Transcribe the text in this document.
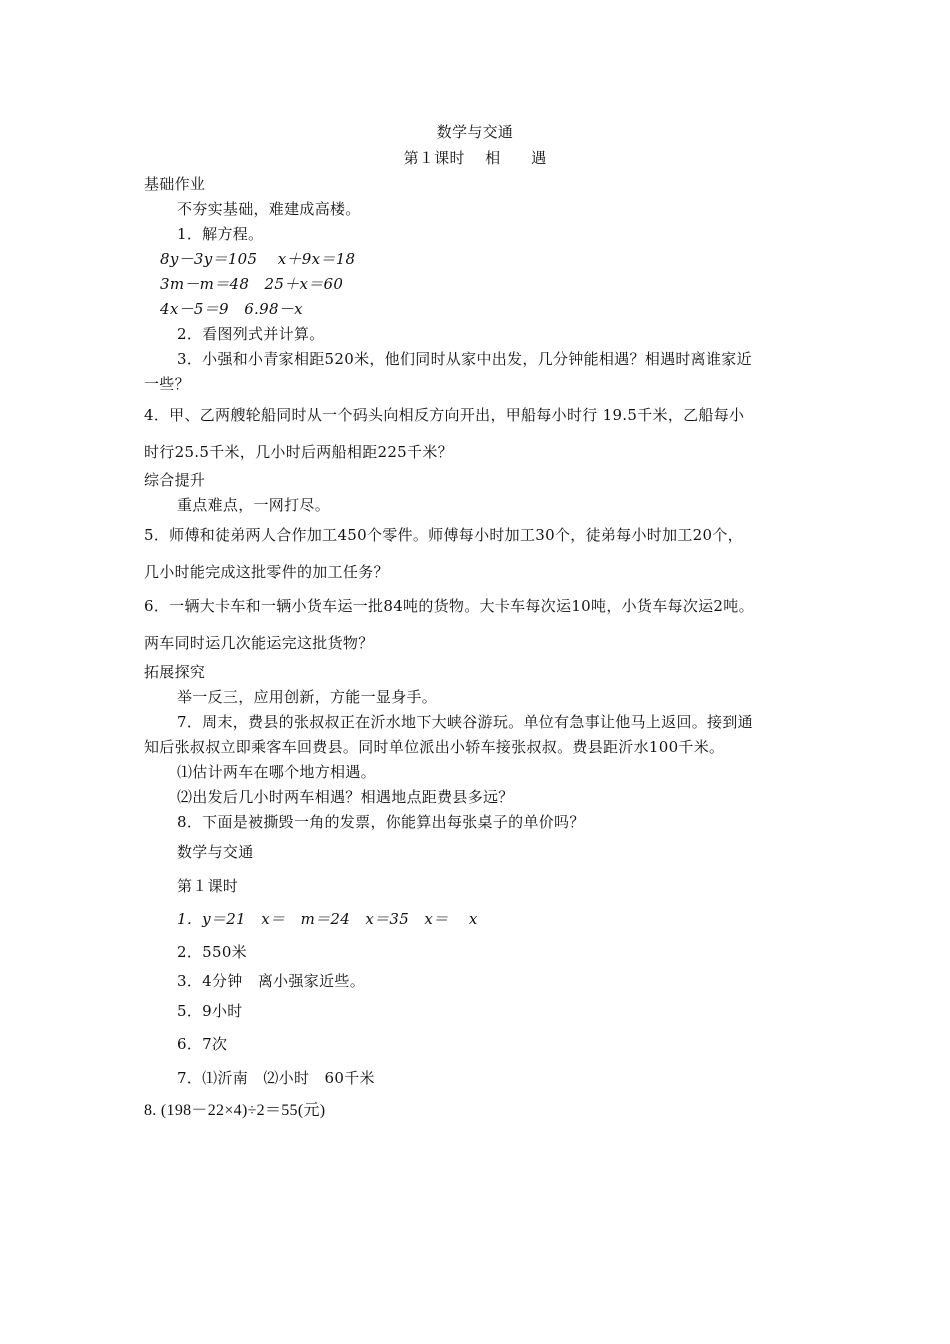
数学与交通
第１课时　 相　　遇
基础作业
不夯实基础，难建成高楼。
1．解方程。
8y－3y＝105　 x＋9x＝18
3m－m＝48　25＋x＝60
4x－5＝9　6.98－x
2．看图列式并计算。
3．小强和小青家相距520米，他们同时从家中出发，几分钟能相遇？相遇时离谁家近
一些？
4．甲、乙两艘轮船同时从一个码头向相反方向开出，甲船每小时行 19.5千米，乙船每小
时行25.5千米，几小时后两船相距225千米？
综合提升
重点难点，一网打尽。
5．师傅和徒弟两人合作加工450个零件。师傅每小时加工30个，徒弟每小时加工20个，
几小时能完成这批零件的加工任务？
6．一辆大卡车和一辆小货车运一批84吨的货物。大卡车每次运10吨，小货车每次运2吨。
两车同时运几次能运完这批货物？
拓展探究
举一反三，应用创新，方能一显身手。
7．周末，费县的张叔叔正在沂水地下大峡谷游玩。单位有急事让他马上返回。接到通
知后张叔叔立即乘客车回费县。同时单位派出小轿车接张叔叔。费县距沂水100千米。
⑴估计两车在哪个地方相遇。
⑵出发后几小时两车相遇？相遇地点距费县多远？
8．下面是被撕毁一角的发票，你能算出每张桌子的单价吗？
数学与交通
第１课时
1．y＝21　x＝　m＝24　x＝35　x＝　 x
2．550米
3．4分钟　离小强家近些。
5．9小时
6．7次
7．⑴沂南　⑵小时　60千米
8. (198－22×4)÷2＝55(元)
